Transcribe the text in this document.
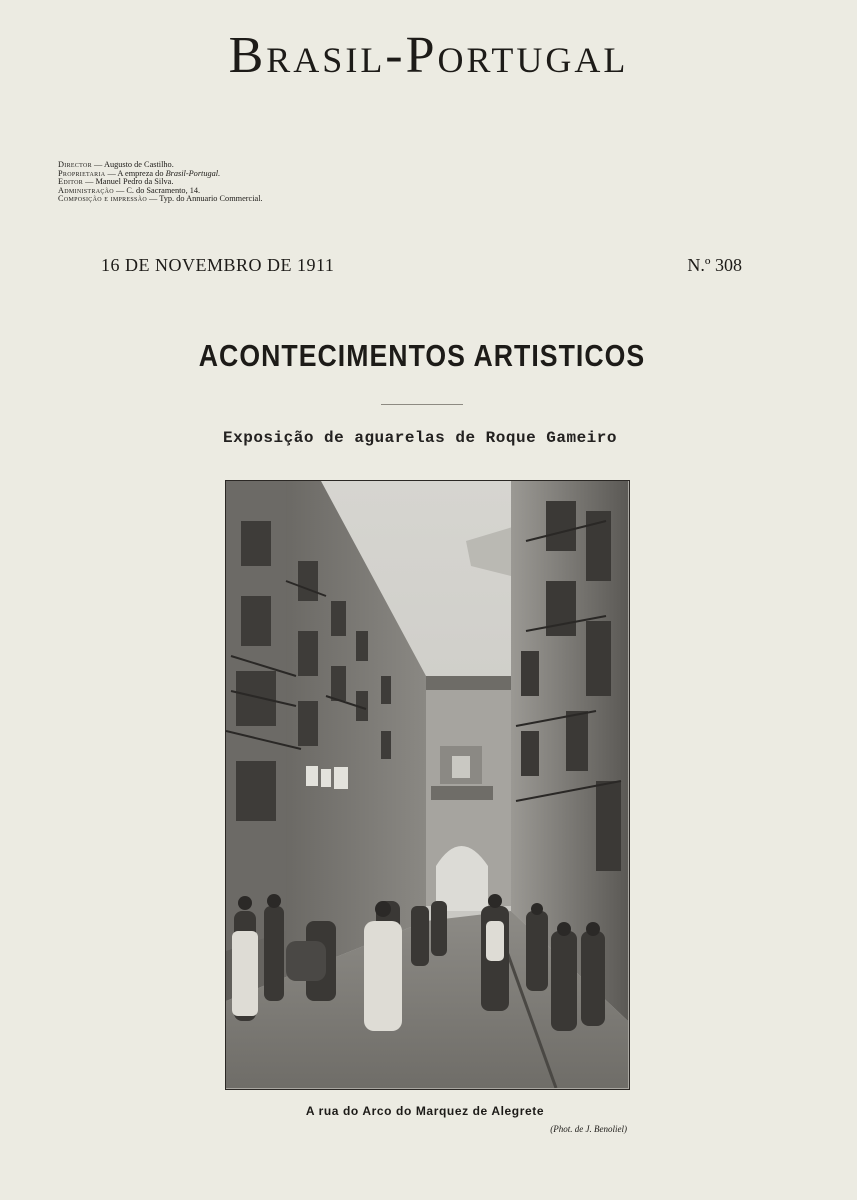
Brasil-Portugal
Director — Augusto de Castilho.
Proprietaria — A empreza do Brasil-Portugal.
Editor — Manuel Pedro da Silva.
Administração — C. do Sacramento, 14.
Composição e impressão — Typ. do Annuario Commercial.
16 DE NOVEMBRO DE 1911	N.º 308
ACONTECIMENTOS ARTISTICOS
Exposição de aguarelas de Roque Gameiro
A rua do Arco do Marquez de Alegrete
(Phot. de J. Benoliel)
